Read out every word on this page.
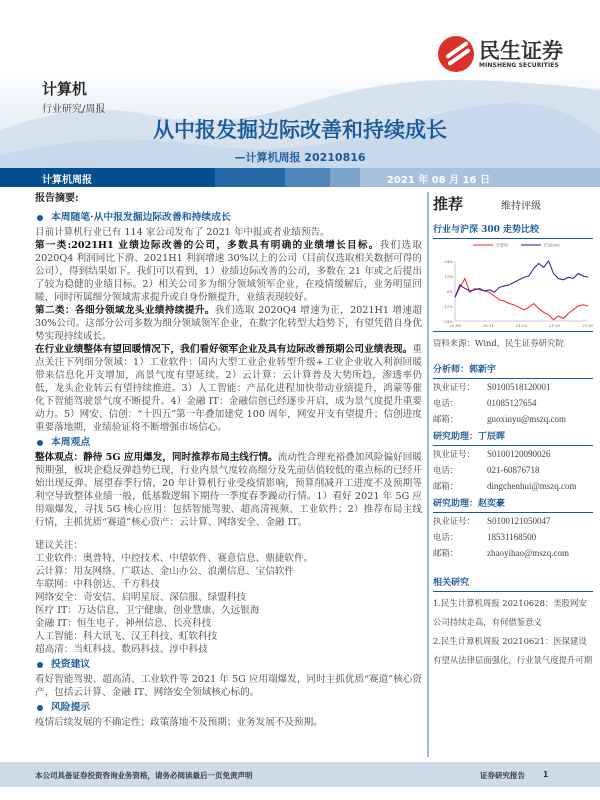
民生证券
MINSHENG SECURITIES
计算机
行业研究/周报
从中报发掘边际改善和持续成长
—计算机周报 20210816
计算机周报	2021 年 08 月 16 日
报告摘要:
本周随笔·从中报发掘边际改善和持续成长

目前计算机行业已有 114 家公司发布了 2021 年中报或者业绩预告。

第一类:2021H1 业绩边际改善的公司，多数具有明确的业绩增长目标。我们选取 2020Q4 利润同比下滑、2021H1 利润增速 30%以上的公司（目前仅选取相关数据可得的公司），得到结果如下。我们可以看到，1）业绩边际改善的公司，多数在 21 年或之后提出了较为稳健的业绩目标。2）相关公司多为细分领域领军企业，在疫情缓解后，业务明显回暖，同时所属细分领域需求提升或自身份额提升，业绩表现较好。

第二类：各细分领域龙头业绩持续提升。我们选取 2020Q4 增速为正，2021H1 增速超 30%公司。这部分公司多数为细分领域领军企业，在数字化转型大趋势下，有望凭借自身优势实现持续成长。

在行业业绩整体有望回暖情况下，我们看好领军企业及具有边际改善预期公司业绩表现。重点关注下列细分领域：1）工业软件：国内大型工业企业转型升级+工业企业收入利润回暖带来信息化开支增加，高景气度有望延续。2）云计算：云计算普及大势所趋，渗透率仍低，龙头企业转云有望持续推进。3）人工智能：产品化进程加快带动业绩提升，鸿蒙等催化下智能驾驶景气度不断提升。4）金融 IT：金融信创已经逐步开启，成为景气度提升重要动力。5）网安、信创：“十四五”第一年叠加建党 100 周年，网安开支有望提升；信创进度重要落地期，业绩验证将不断增强市场信心。

本周观点

整体观点：静待 5G 应用爆发，同时推荐布局主线行情。流动性合理充裕叠加风险偏好回暖预期强，板块企稳反弹趋势已现，行业内景气度较高细分及先前估值较低的重点标的已经开始出现反弹。展望春季行情，20 年计算机行业受疫情影响，预算削减开工进度不及预期等利空导致整体业绩一般，低基数逻辑下期待一季度春季躁动行情。1）看好 2021 年 5G 应用端爆发，寻找 5G 核心应用：包括智能驾驶、超高清视频、工业软件；2）推荐布局主线行情，主抓优质“赛道”核心资产：云计算、网络安全、金融 IT。

建议关注：

工业软件：奥普特、中控技术、中望软件、赛意信息、鼎捷软件。

云计算：用友网络、广联达、金山办公、浪潮信息、宝信软件

车联网：中科创达、千方科技

网络安全：奇安信、启明星辰、深信服、绿盟科技

医疗 IT：万达信息、卫宁健康、创业慧康、久远银海

金融 IT：恒生电子、神州信息、长亮科技

人工智能：科大讯飞、汉王科技、虹软科技

超高清：当虹科技、数码科技、淳中科技

投资建议

看好智能驾驶、超高清、工业软件等 2021 年 5G 应用端爆发，同时主抓优质“赛道”核心资产，包括云计算、金融 IT、网络安全领域核心标的。

风险提示

疫情后续发展的不确定性；政策落地不及预期；业务发展不及预期。

推荐	维持评级
行业与沪深 300 走势比较
24%
12%
0%
-12%
-24%
20-08	20-11	21-02	21-05	21-08
计算机	沪深300
资料来源：Wind，民生证券研究院
分析师：郭新宇
执业证号：	S0100518120001
电话：	01085127654
邮箱：	guoxinyu@mszq.com
研究助理：丁辰晖
执业证号：	S0100120090026
电话：	021-60876718
邮箱：	dingchenhui@mszq.com
研究助理：赵奕豪
执业证号：	S0100121050047
电话：	18531168500
邮箱：	zhaoyihao@mszq.com
相关研究
1.民生计算机周报 20210628：美股网安公司持续走高，有何借鉴意义
2.民生计算机周报 20210621：医保建设有望从法律层面强化，行业景气度提升可期
本公司具备证券投资咨询业务资格，请务必阅读最后一页免责声明	证券研究报告 1
